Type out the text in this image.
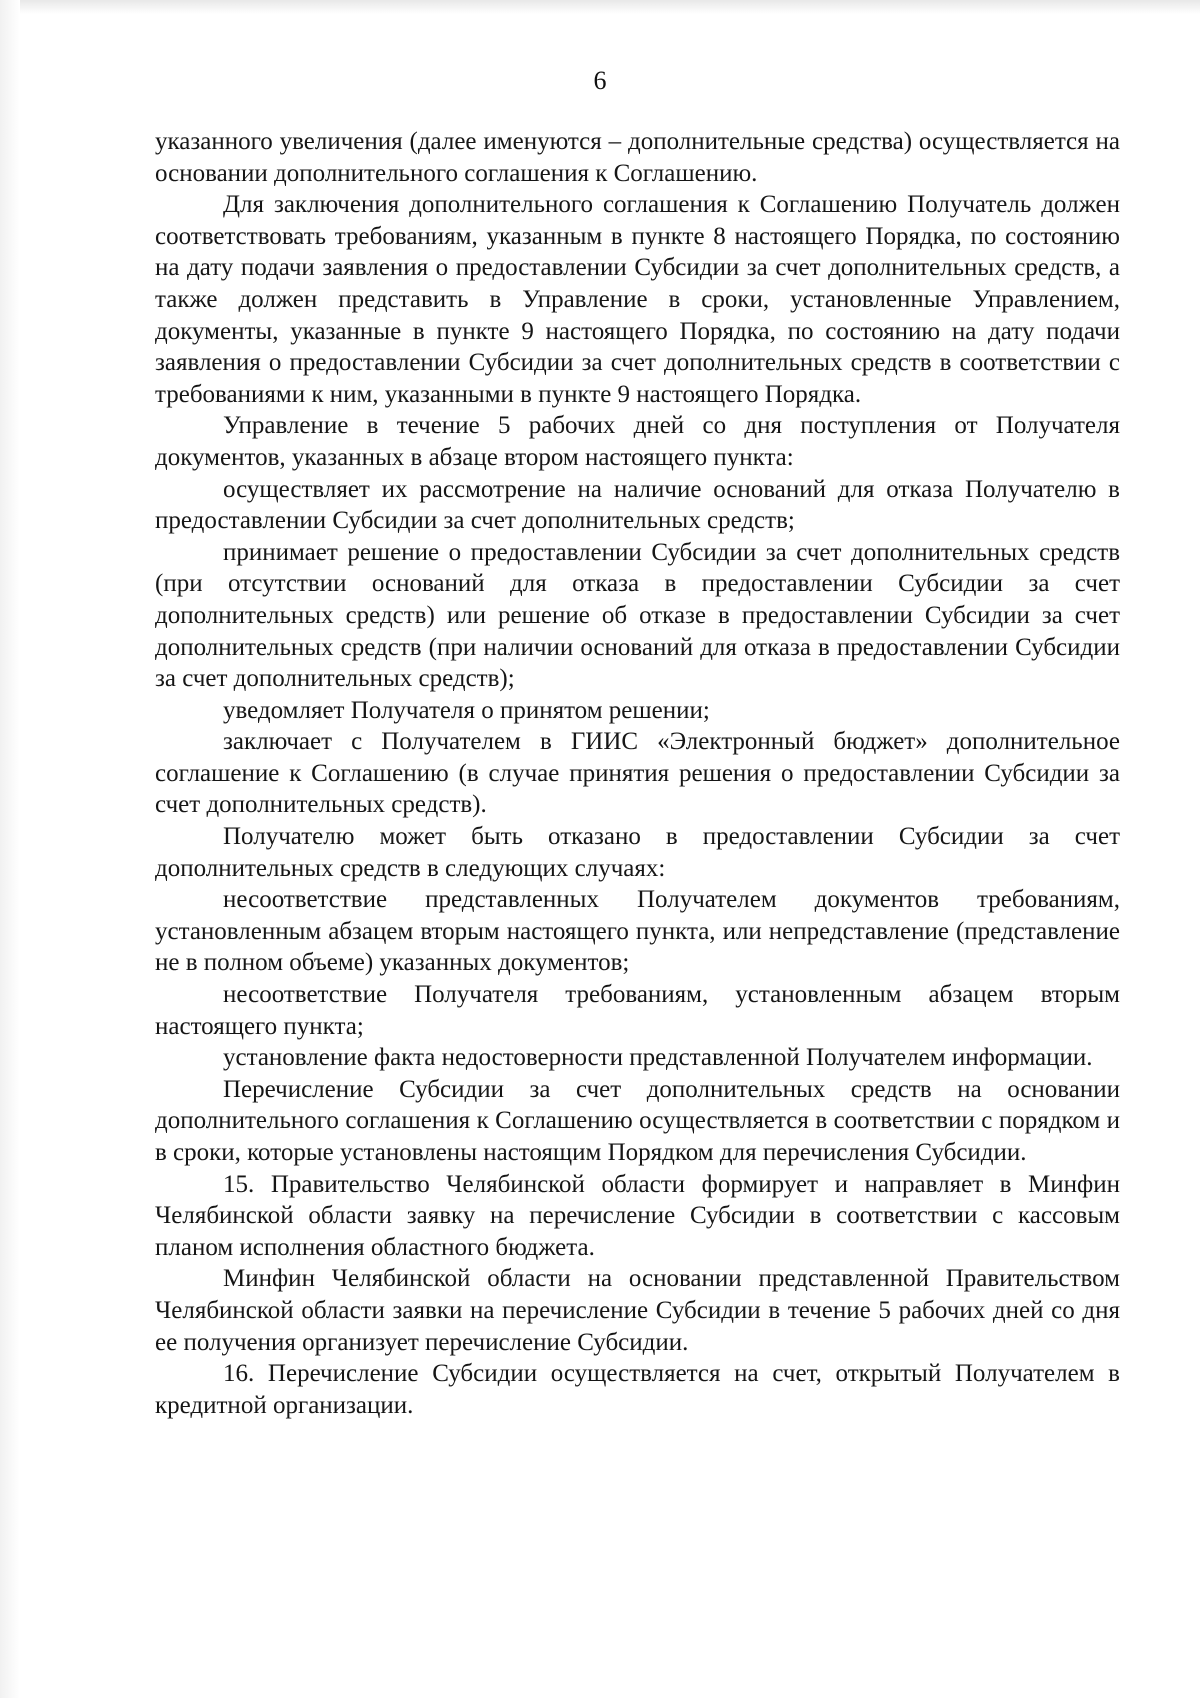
6

указанного увеличения (далее именуются – дополнительные средства) осуществляется на основании дополнительного соглашения к Соглашению.

Для заключения дополнительного соглашения к Соглашению Получатель должен соответствовать требованиям, указанным в пункте 8 настоящего Порядка, по состоянию на дату подачи заявления о предоставлении Субсидии за счет дополнительных средств, а также должен представить в Управление в сроки, установленные Управлением, документы, указанные в пункте 9 настоящего Порядка, по состоянию на дату подачи заявления о предоставлении Субсидии за счет дополнительных средств в соответствии с требованиями к ним, указанными в пункте 9 настоящего Порядка.

Управление в течение 5 рабочих дней со дня поступления от Получателя документов, указанных в абзаце втором настоящего пункта:

осуществляет их рассмотрение на наличие оснований для отказа Получателю в предоставлении Субсидии за счет дополнительных средств;

принимает решение о предоставлении Субсидии за счет дополнительных средств (при отсутствии оснований для отказа в предоставлении Субсидии за счет дополнительных средств) или решение об отказе в предоставлении Субсидии за счет дополнительных средств (при наличии оснований для отказа в предоставлении Субсидии за счет дополнительных средств);

уведомляет Получателя о принятом решении;

заключает с Получателем в ГИИС «Электронный бюджет» дополнительное соглашение к Соглашению (в случае принятия решения о предоставлении Субсидии за счет дополнительных средств).

Получателю может быть отказано в предоставлении Субсидии за счет дополнительных средств в следующих случаях:

несоответствие представленных Получателем документов требованиям, установленным абзацем вторым настоящего пункта, или непредставление (представление не в полном объеме) указанных документов;

несоответствие Получателя требованиям, установленным абзацем вторым настоящего пункта;

установление факта недостоверности представленной Получателем информации.

Перечисление Субсидии за счет дополнительных средств на основании дополнительного соглашения к Соглашению осуществляется в соответствии с порядком и в сроки, которые установлены настоящим Порядком для перечисления Субсидии.

15. Правительство Челябинской области формирует и направляет в Минфин Челябинской области заявку на перечисление Субсидии в соответствии с кассовым планом исполнения областного бюджета.

Минфин Челябинской области на основании представленной Правительством Челябинской области заявки на перечисление Субсидии в течение 5 рабочих дней со дня ее получения организует перечисление Субсидии.

16. Перечисление Субсидии осуществляется на счет, открытый Получателем в кредитной организации.
